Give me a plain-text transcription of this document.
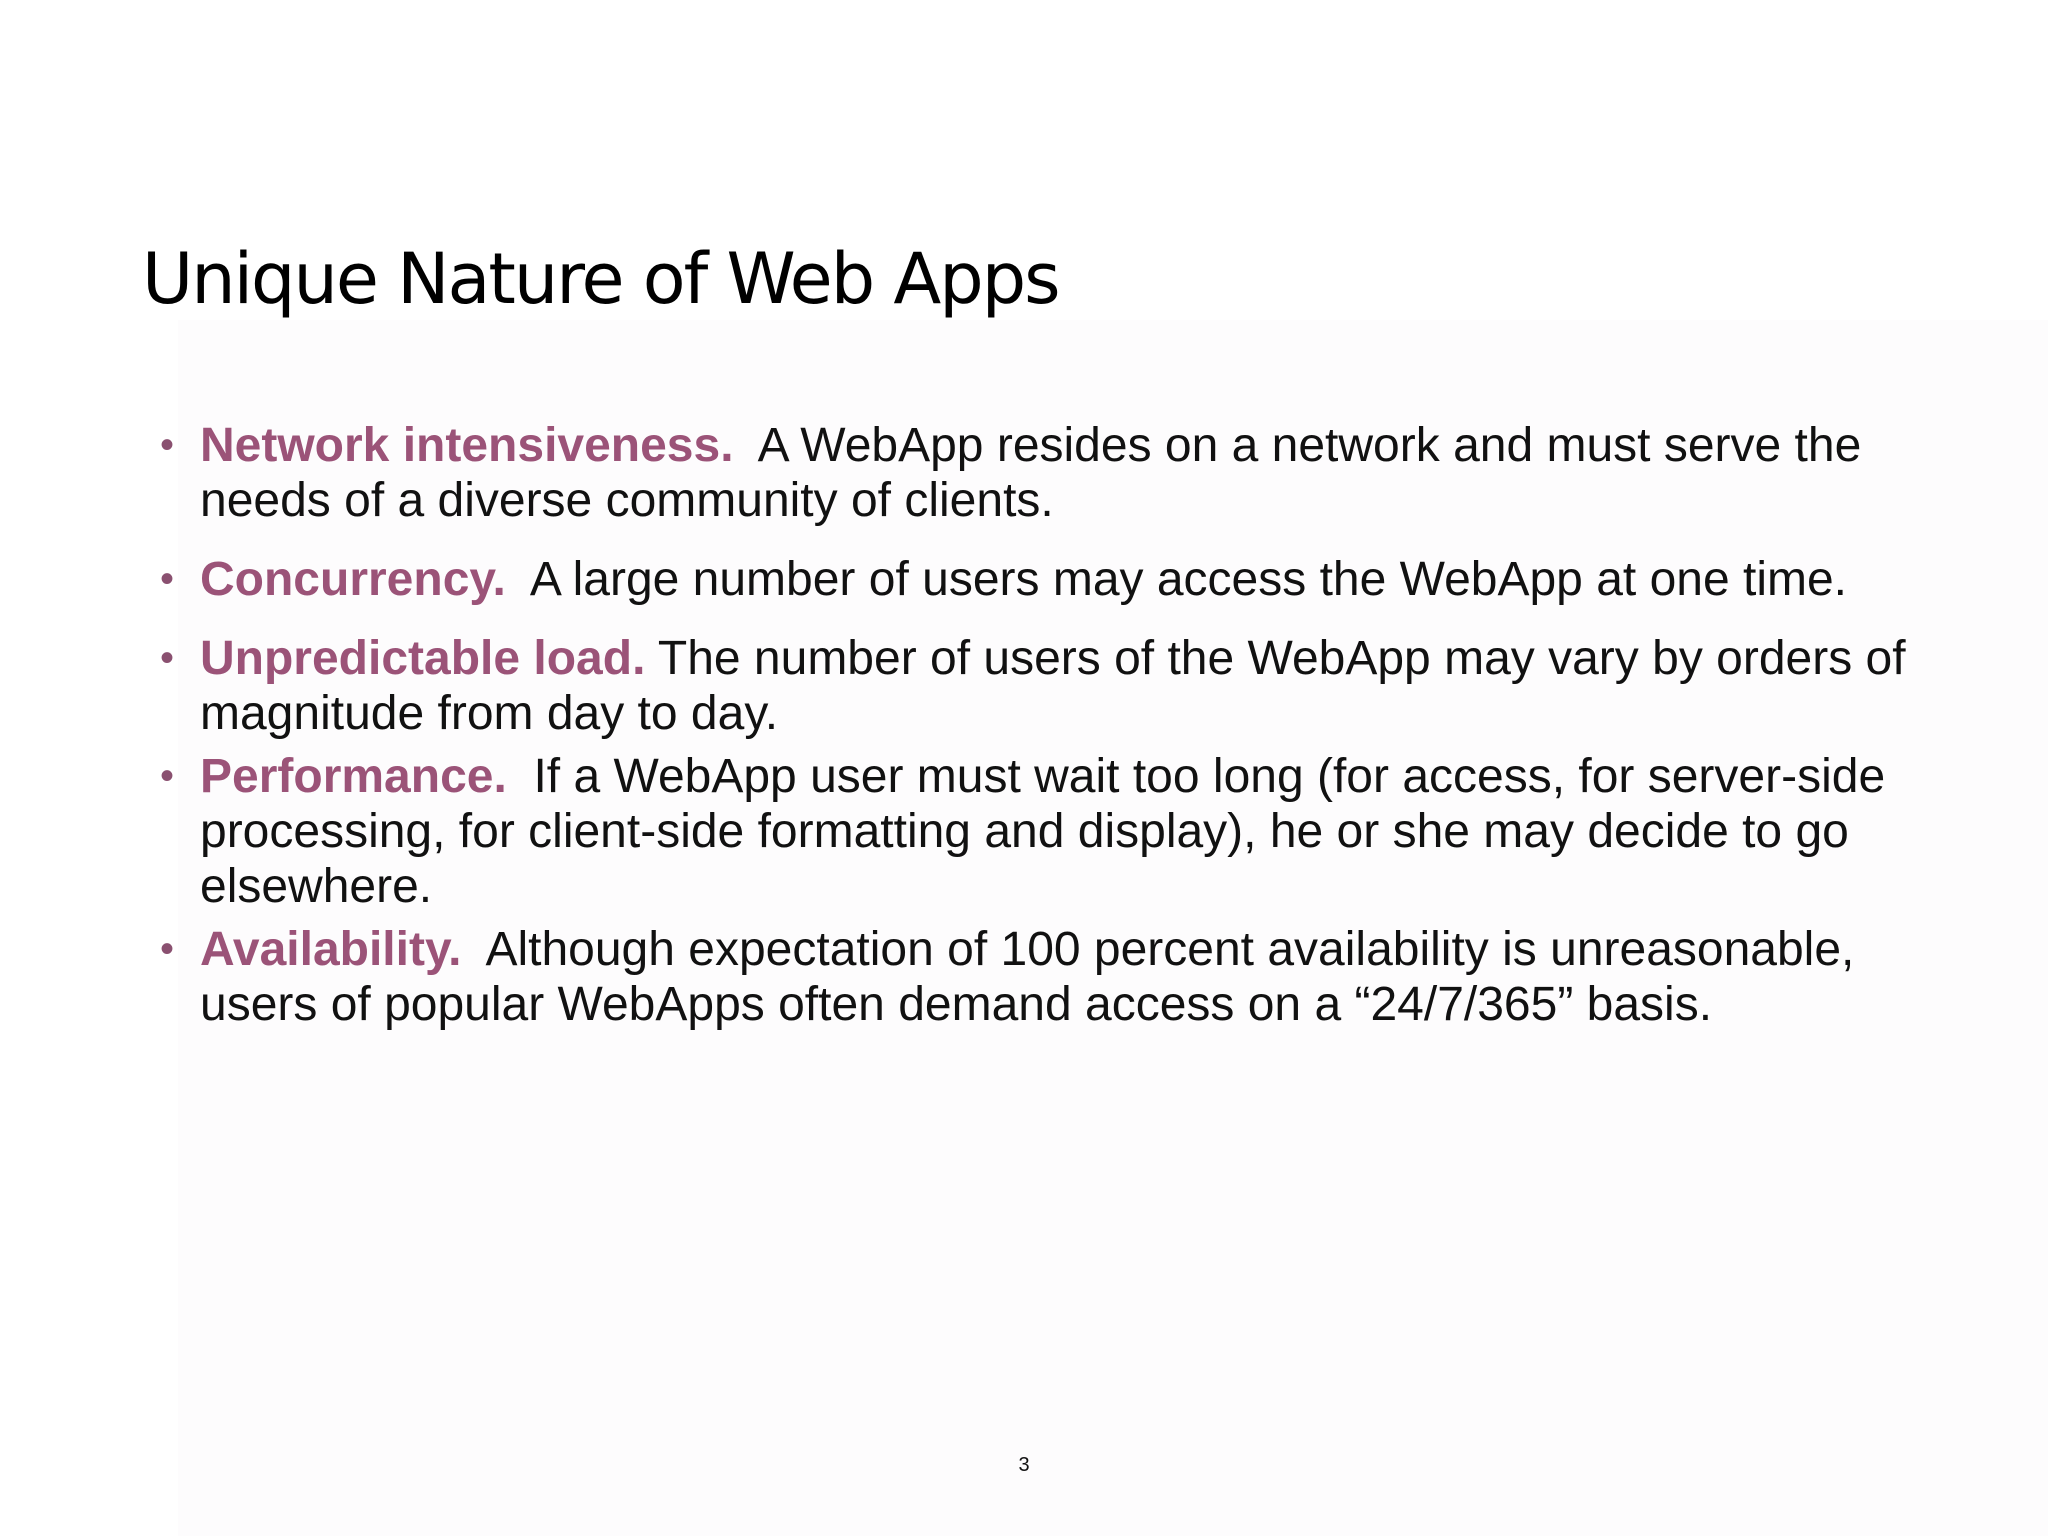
Unique Nature of Web Apps
• Network intensiveness. A WebApp resides on a network and must serve the needs of a diverse community of clients.
• Concurrency. A large number of users may access the WebApp at one time.
• Unpredictable load. The number of users of the WebApp may vary by orders of magnitude from day to day.
• Performance. If a WebApp user must wait too long (for access, for server-side processing, for client-side formatting and display), he or she may decide to go elsewhere.
• Availability. Although expectation of 100 percent availability is unreasonable, users of popular WebApps often demand access on a “24/7/365” basis.
3
